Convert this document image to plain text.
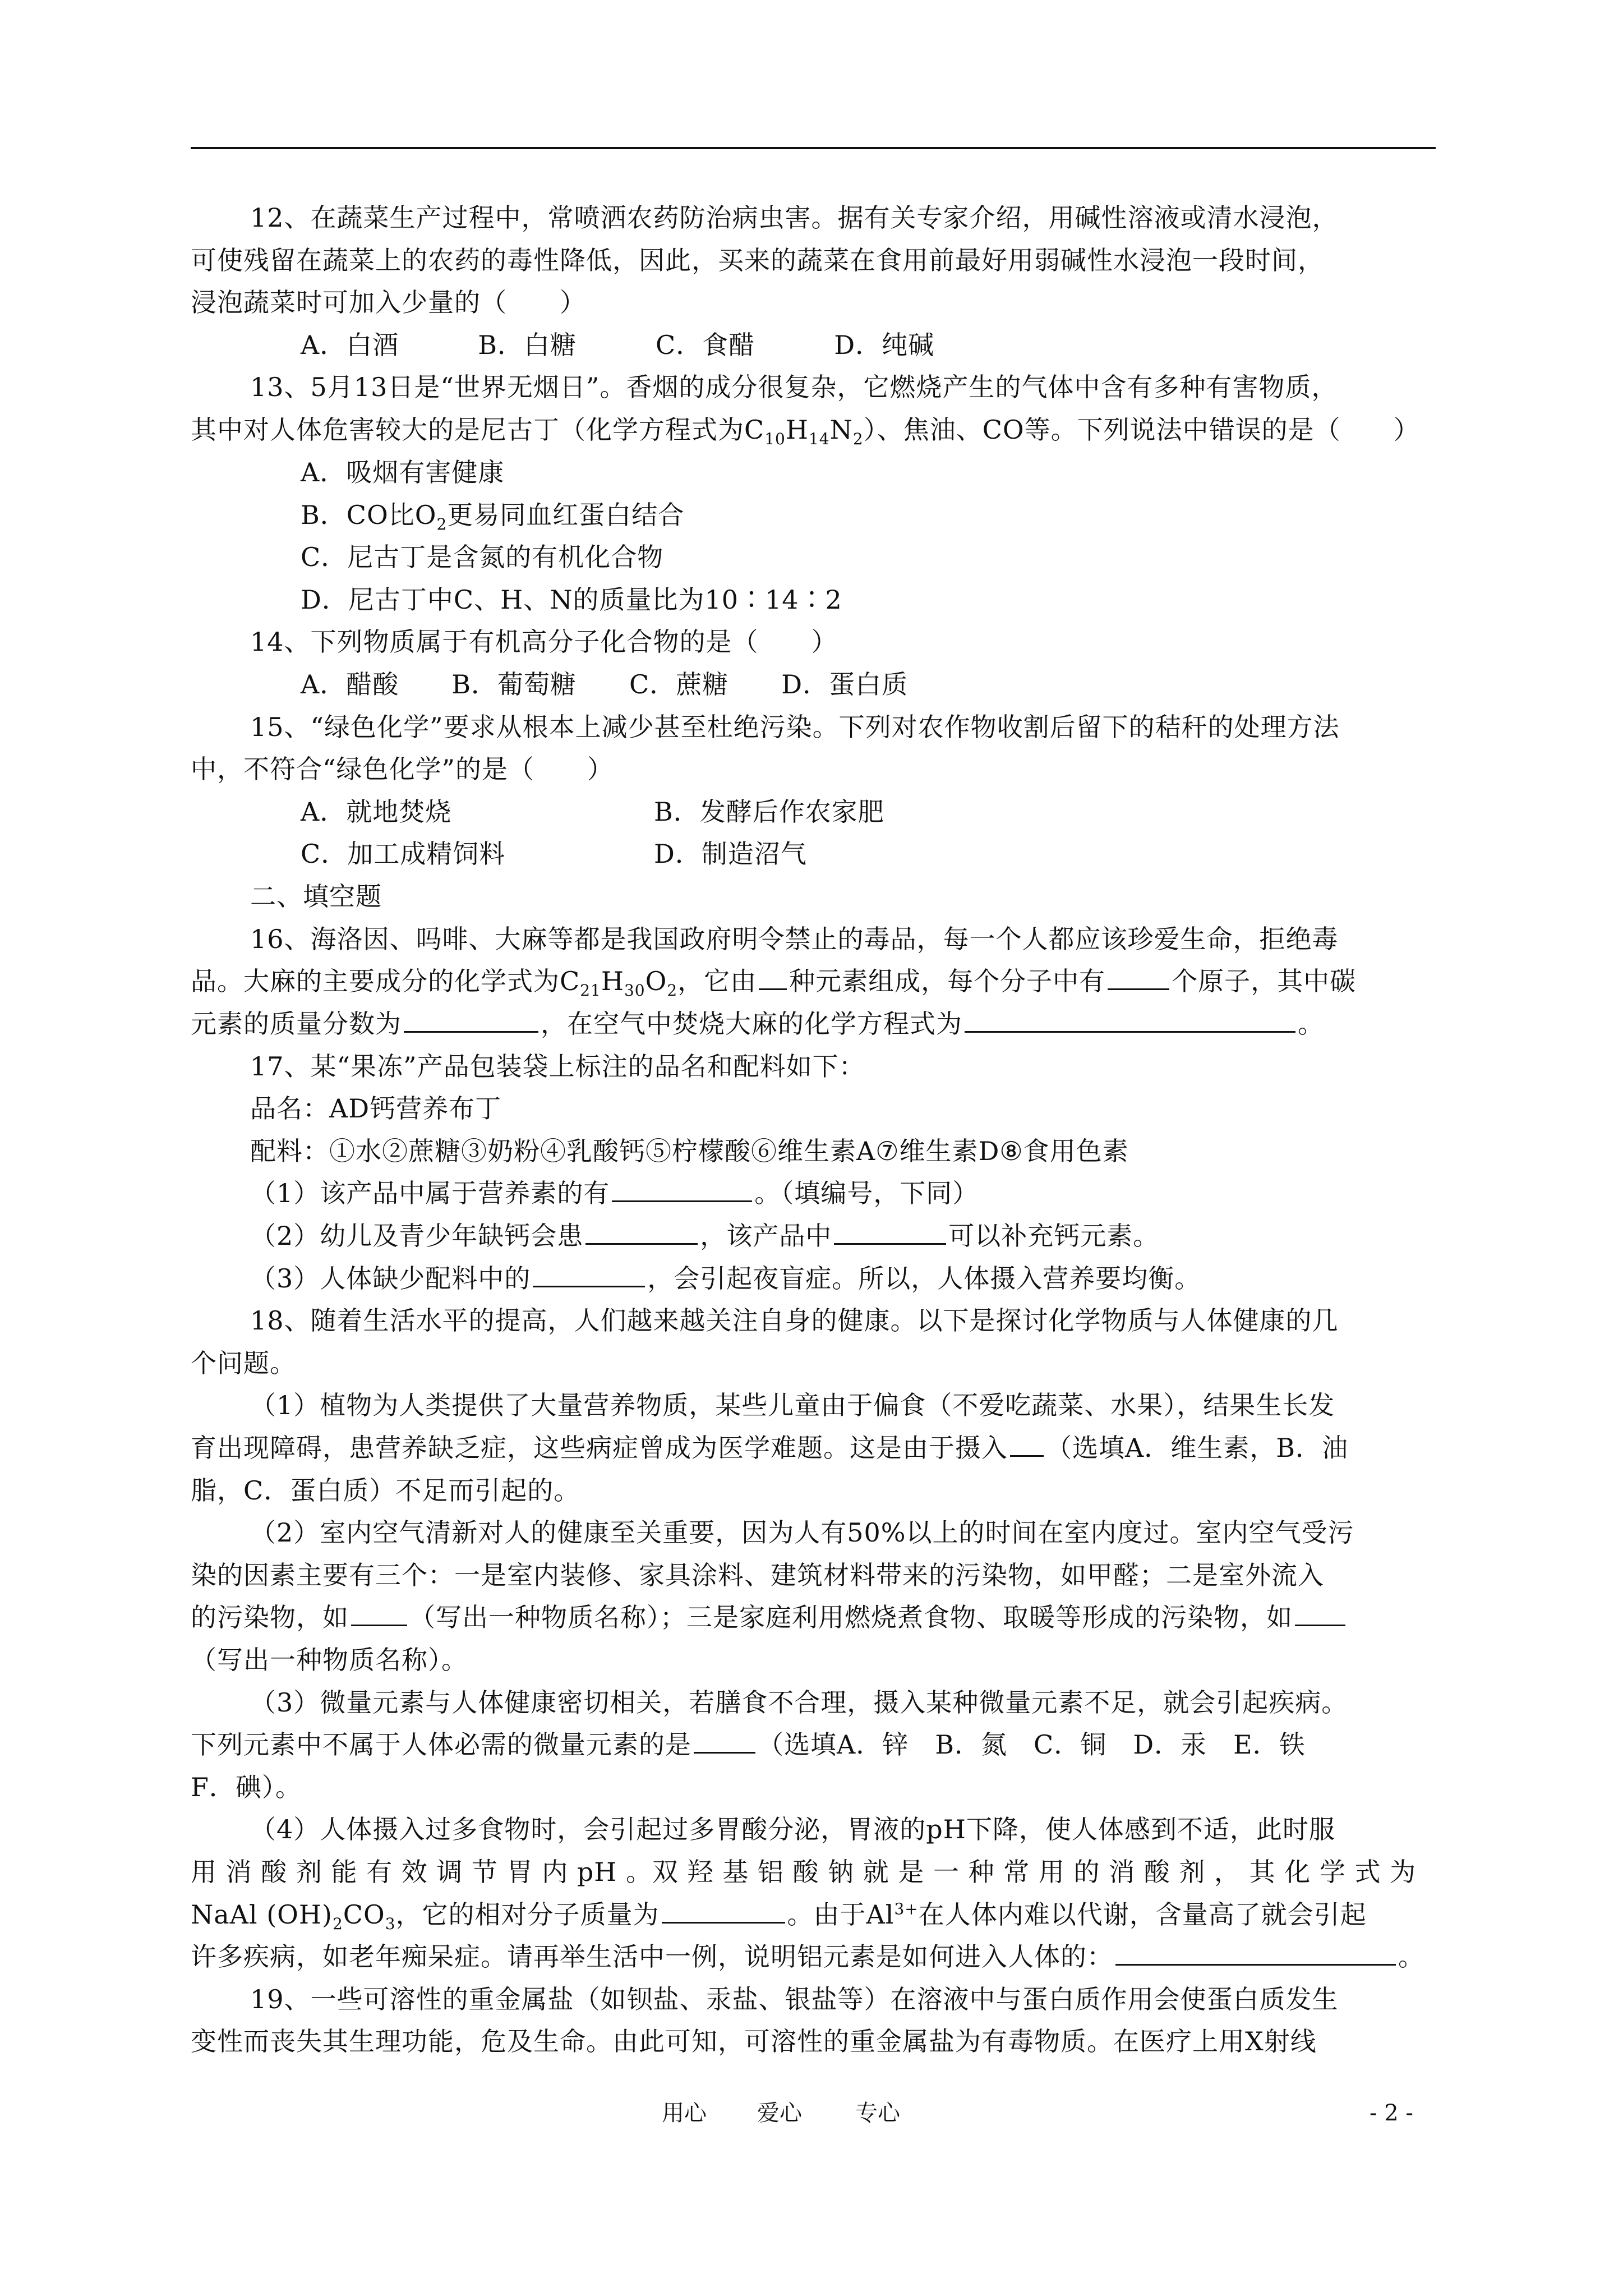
12、在蔬菜生产过程中，常喷洒农药防治病虫害。据有关专家介绍，用碱性溶液或清水浸泡，

可使残留在蔬菜上的农药的毒性降低，因此，买来的蔬菜在食用前最好用弱碱性水浸泡一段时间，

浸泡蔬菜时可加入少量的（　　）

A．白酒　　　B．白糖　　　C．食醋　　　D．纯碱

13、5月13日是“世界无烟日”。香烟的成分很复杂，它燃烧产生的气体中含有多种有害物质，

其中对人体危害较大的是尼古丁（化学方程式为$C_{10}H_{14}N_2$）、焦油、CO等。下列说法中错误的是（　　）

A．吸烟有害健康

B．CO比$O_2$更易同血红蛋白结合

C．尼古丁是含氮的有机化合物

D．尼古丁中C、H、N的质量比为10∶14∶2

14、下列物质属于有机高分子化合物的是（　　）

A．醋酸　　B．葡萄糖　　C．蔗糖　　D．蛋白质

15、“绿色化学”要求从根本上减少甚至杜绝污染。下列对农作物收割后留下的秸秆的处理方法

中，不符合“绿色化学”的是（　　）

A．就地焚烧	B．发酵后作农家肥

C．加工成精饲料	D．制造沼气

二、填空题

16、海洛因、吗啡、大麻等都是我国政府明令禁止的毒品，每一个人都应该珍爱生命，拒绝毒

品。大麻的主要成分的化学式为$C_{21}H_{30}O_2$，它由 种元素组成，每个分子中有	个原子，其中碳

元素的质量分数为	，在空气中焚烧大麻的化学方程式为	。

17、某“果冻”产品包装袋上标注的品名和配料如下：

品名：AD钙营养布丁

配料：①水②蔗糖③奶粉④乳酸钙⑤柠檬酸⑥维生素A⑦维生素D⑧食用色素

（1）该产品中属于营养素的有	。（填编号，下同）

（2）幼儿及青少年缺钙会患	，该产品中	可以补充钙元素。

（3）人体缺少配料中的	，会引起夜盲症。所以，人体摄入营养要均衡。

18、随着生活水平的提高，人们越来越关注自身的健康。以下是探讨化学物质与人体健康的几

个问题。

（1）植物为人类提供了大量营养物质，某些儿童由于偏食（不爱吃蔬菜、水果），结果生长发

育出现障碍，患营养缺乏症，这些病症曾成为医学难题。这是由于摄入 （选填A．维生素，B．油

脂，C．蛋白质）不足而引起的。

（2）室内空气清新对人的健康至关重要，因为人有50%以上的时间在室内度过。室内空气受污

染的因素主要有三个：一是室内装修、家具涂料、建筑材料带来的污染物，如甲醛；二是室外流入

的污染物，如 （写出一种物质名称）；三是家庭利用燃烧煮食物、取暖等形成的污染物，如

（写出一种物质名称）。

（3）微量元素与人体健康密切相关，若膳食不合理，摄入某种微量元素不足，就会引起疾病。

下列元素中不属于人体必需的微量元素的是	（选填A．锌　B．氮　C．铜　D．汞　E．铁

F．碘）。

（4）人体摄入过多食物时，会引起过多胃酸分泌，胃液的pH下降，使人体感到不适，此时服

用 消 酸 剂 能 有 效 调 节 胃 内 pH 。双 羟 基 铝 酸 钠 就 是 一 种 常 用 的 消 酸 剂 ， 其 化 学 式 为

NaAl $(OH)_2CO_3$，它的相对分子质量为	。由于$Al^{3+}$在人体内难以代谢，含量高了就会引起

许多疾病，如老年痴呆症。请再举生活中一例，说明铝元素是如何进入人体的：	。

19、一些可溶性的重金属盐（如钡盐、汞盐、银盐等）在溶液中与蛋白质作用会使蛋白质发生

变性而丧失其生理功能，危及生命。由此可知，可溶性的重金属盐为有毒物质。在医疗上用X射线

用心 爱心 专心	- 2 -
